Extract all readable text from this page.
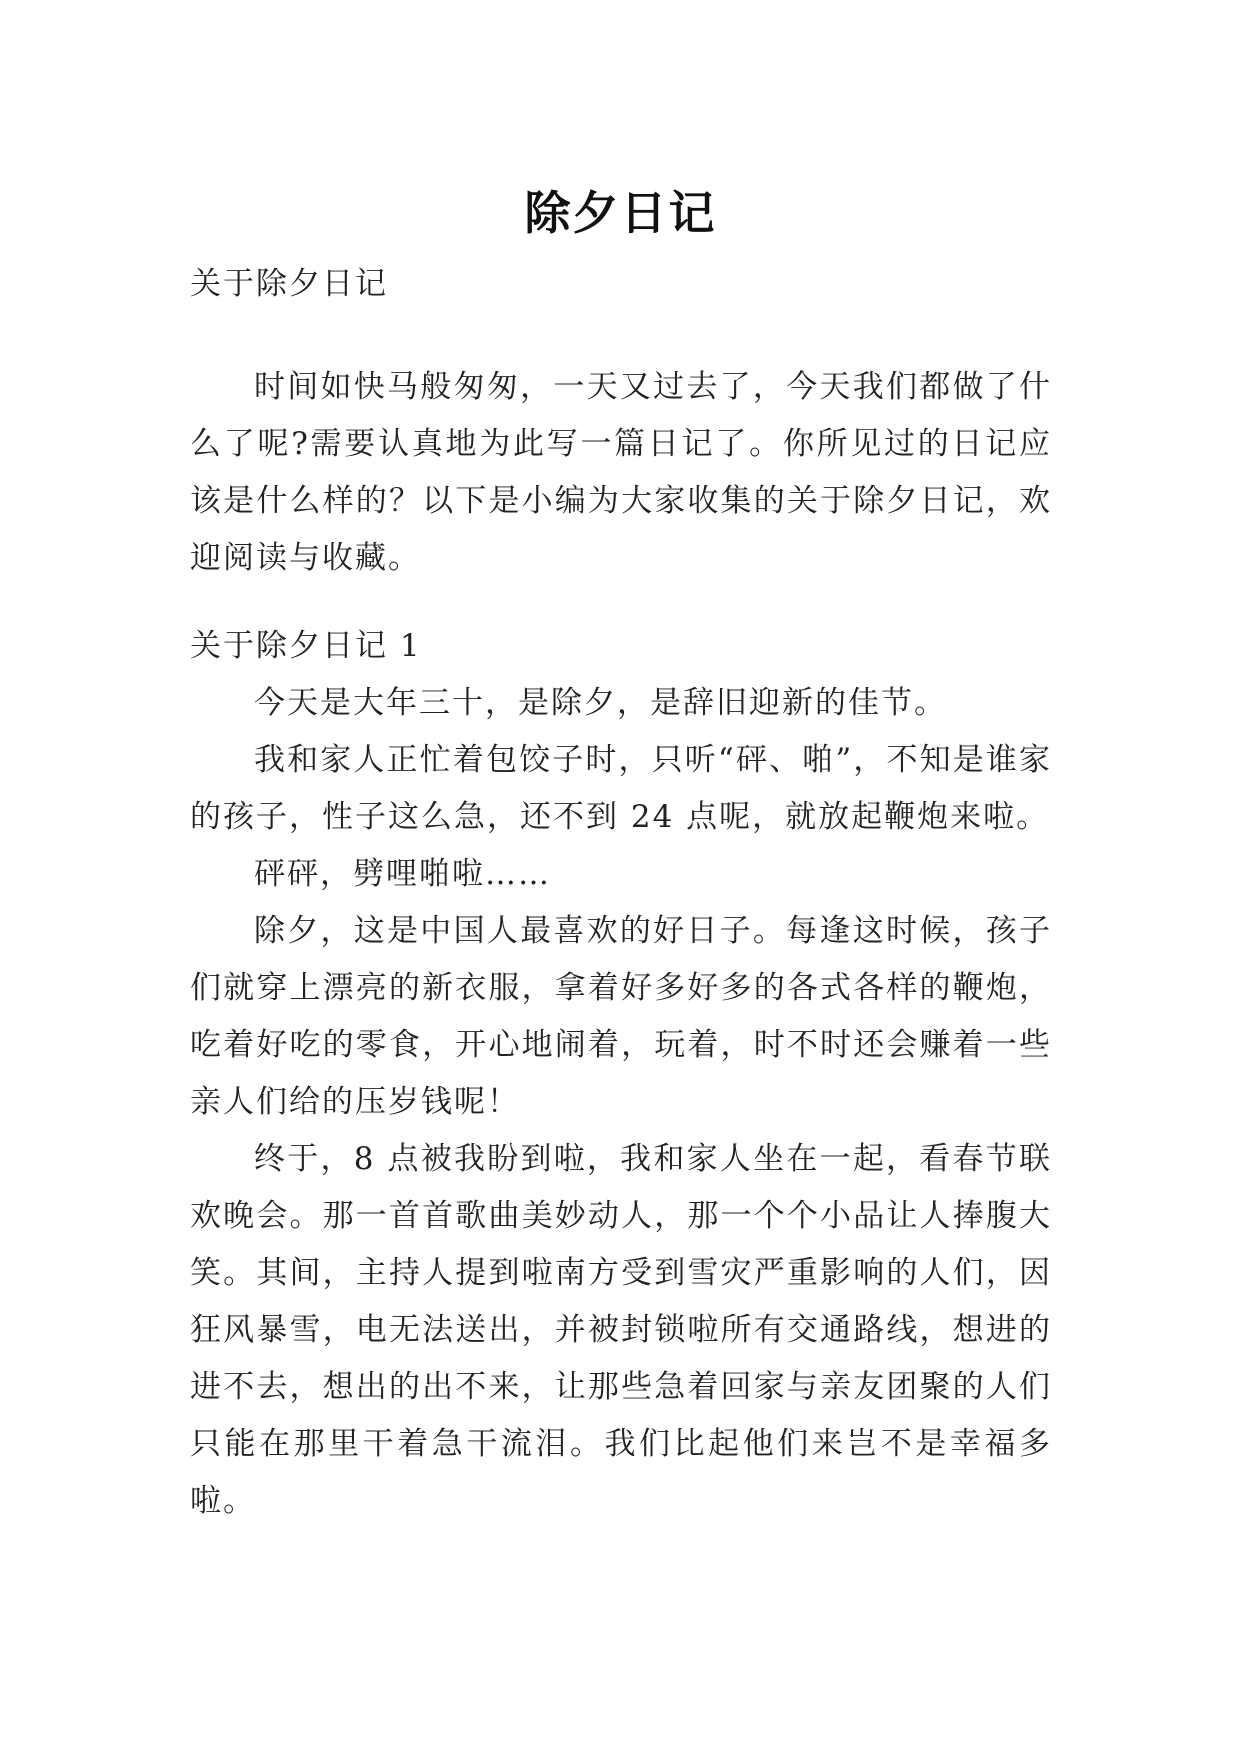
除夕日记

关于除夕日记

时间如快马般匆匆，一天又过去了，今天我们都做了什么了呢?需要认真地为此写一篇日记了。你所见过的日记应该是什么样的？以下是小编为大家收集的关于除夕日记，欢迎阅读与收藏。

关于除夕日记 1

今天是大年三十，是除夕，是辞旧迎新的佳节。

我和家人正忙着包饺子时，只听“砰、啪”，不知是谁家的孩子，性子这么急，还不到 24 点呢，就放起鞭炮来啦。

砰砰，劈哩啪啦……

除夕，这是中国人最喜欢的好日子。每逢这时候，孩子们就穿上漂亮的新衣服，拿着好多好多的各式各样的鞭炮，吃着好吃的零食，开心地闹着，玩着，时不时还会赚着一些亲人们给的压岁钱呢！

终于，8 点被我盼到啦，我和家人坐在一起，看春节联欢晚会。那一首首歌曲美妙动人，那一个个小品让人捧腹大笑。其间，主持人提到啦南方受到雪灾严重影响的人们，因狂风暴雪，电无法送出，并被封锁啦所有交通路线，想进的进不去，想出的出不来，让那些急着回家与亲友团聚的人们只能在那里干着急干流泪。我们比起他们来岂不是幸福多啦。
